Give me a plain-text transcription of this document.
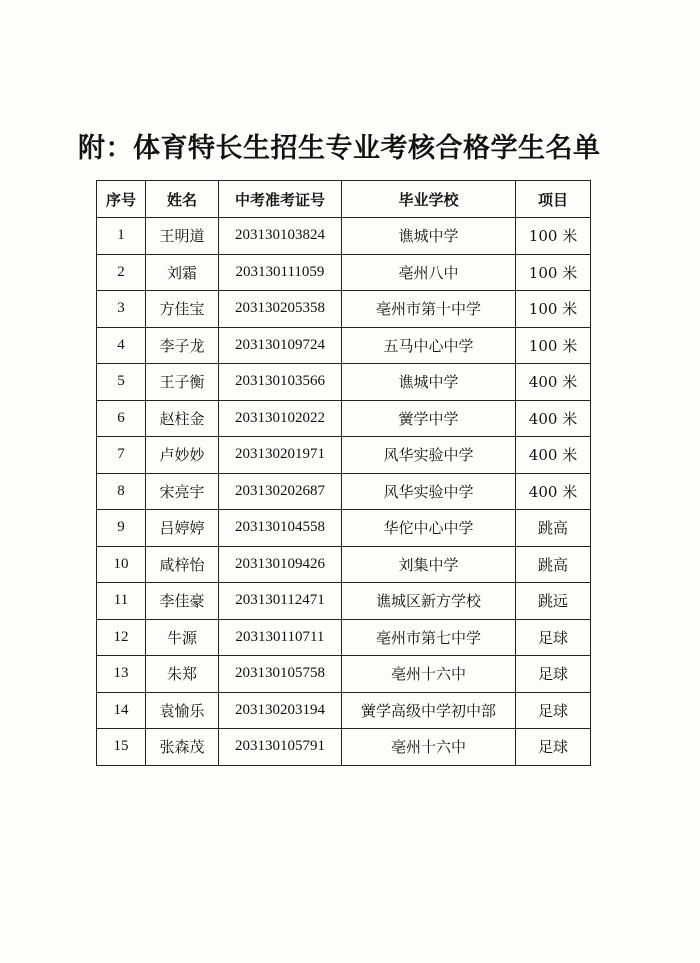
附：体育特长生招生专业考核合格学生名单
序号	姓名	中考准考证号	毕业学校	项目
1	王明道	203130103824	谯城中学	100 米
2	刘霜	203130111059	亳州八中	100 米
3	方佳宝	203130205358	亳州市第十中学	100 米
4	李子龙	203130109724	五马中心中学	100 米
5	王子衡	203130103566	谯城中学	400 米
6	赵柱金	203130102022	黉学中学	400 米
7	卢妙妙	203130201971	风华实验中学	400 米
8	宋亮宇	203130202687	风华实验中学	400 米
9	吕婷婷	203130104558	华佗中心中学	跳高
10	咸梓怡	203130109426	刘集中学	跳高
11	李佳豪	203130112471	谯城区新方学校	跳远
12	牛源	203130110711	亳州市第七中学	足球
13	朱郑	203130105758	亳州十六中	足球
14	袁愉乐	203130203194	黉学高级中学初中部	足球
15	张森茂	203130105791	亳州十六中	足球
